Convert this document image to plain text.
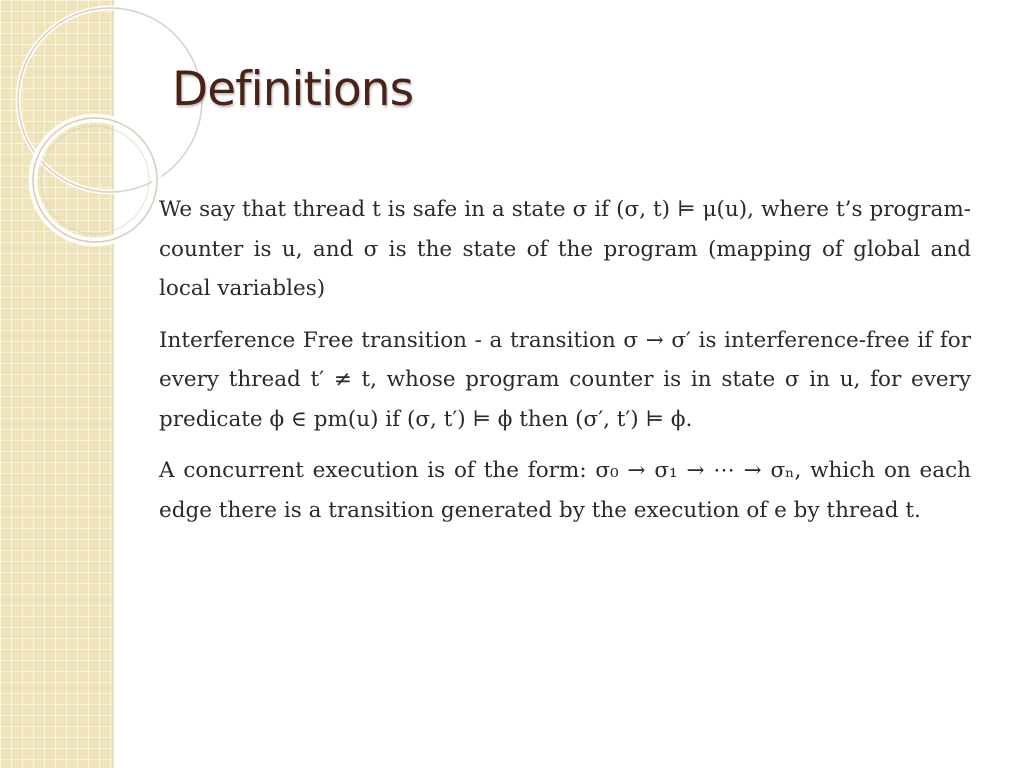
Definitions

We say that thread t is safe in a state σ if (σ, t) ⊨ μ(u), where t’s program-counter is u, and σ is the state of the program (mapping of global and local variables)

Interference Free transition - a transition σ → σ′ is interference-free if for every thread t′ ≠ t, whose program counter is in state σ in u, for every predicate ϕ ∈ pm(u) if (σ, t′) ⊨ ϕ then (σ′, t′) ⊨ ϕ.

A concurrent execution is of the form: σ₀ → σ₁ → ⋯ → σₙ, which on each edge there is a transition generated by the execution of e by thread t.
